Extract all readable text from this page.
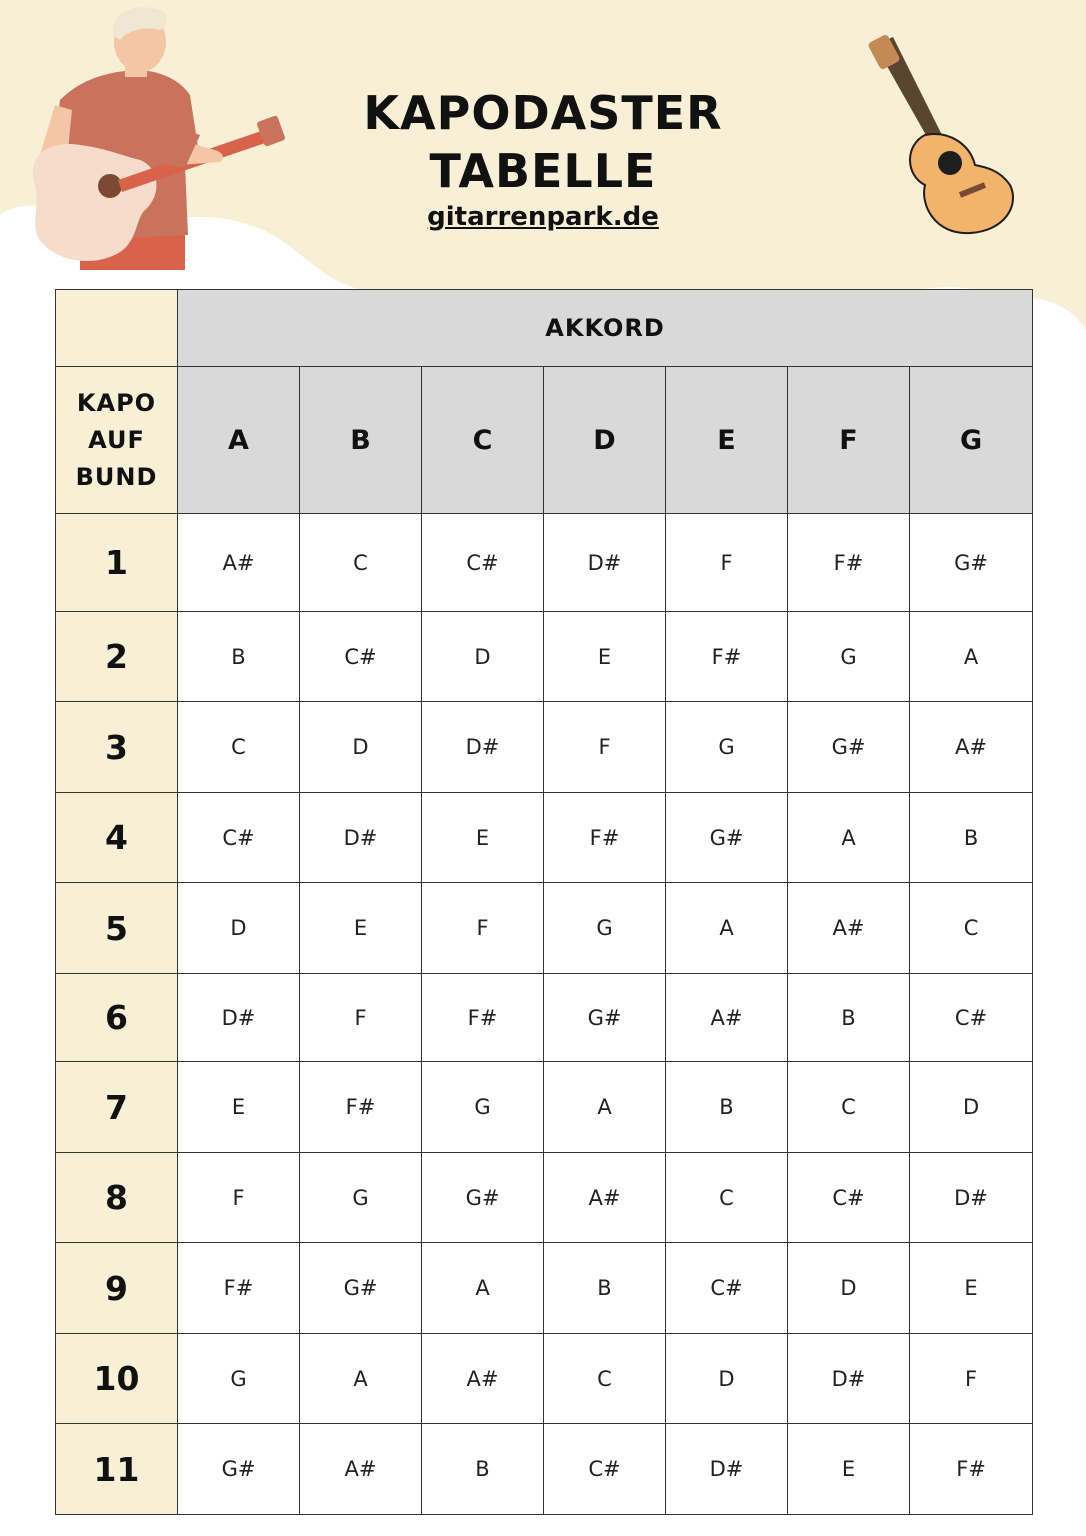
KAPODASTER TABELLE
gitarrenpark.de
	AKKORD						

KAPO
AUF
BUND	A	B	C	D	E	F	G
1	A#	C	C#	D#	F	F#	G#
2	B	C#	D	E	F#	G	A
3	C	D	D#	F	G	G#	A#
4	C#	D#	E	F#	G#	A	B
5	D	E	F	G	A	A#	C
6	D#	F	F#	G#	A#	B	C#
7	E	F#	G	A	B	C	D
8	F	G	G#	A#	C	C#	D#
9	F#	G#	A	B	C#	D	E
10	G	A	A#	C	D	D#	F
11	G#	A#	B	C#	D#	E	F#
